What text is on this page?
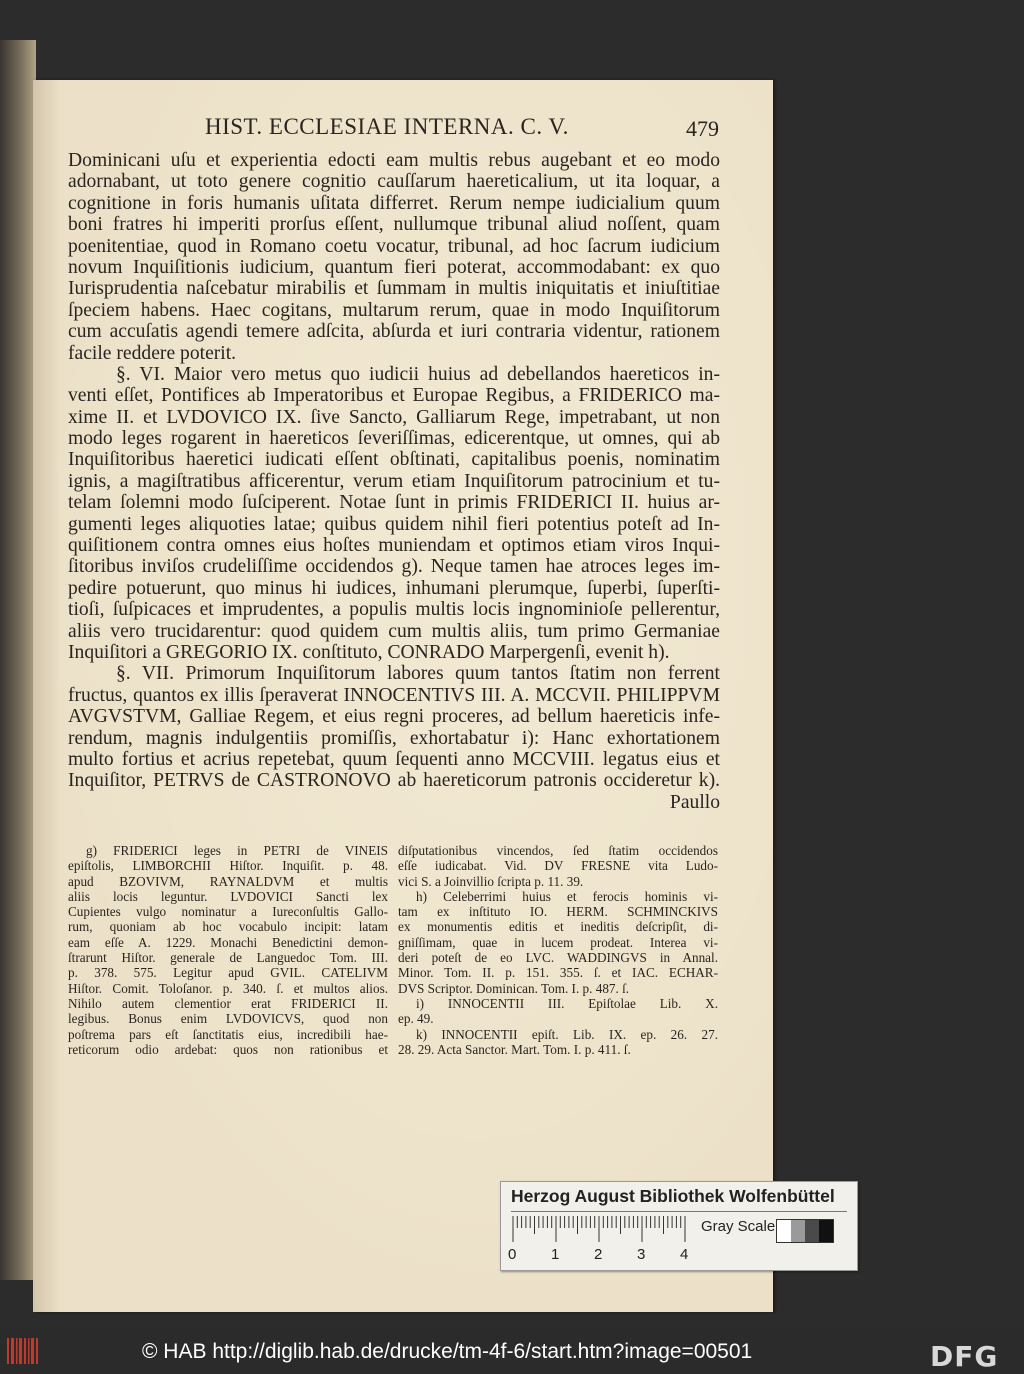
HIST. ECCLESIAE INTERNA. C. V.	479
Dominicani uſu et experientia edocti eam multis rebus augebant et eo modo
adornabant, ut toto genere cognitio cauſſarum haereticalium, ut ita loquar, a
cognitione in foris humanis uſitata differret. Rerum nempe iudicialium quum
boni fratres hi imperiti prorſus eſſent, nullumque tribunal aliud noſſent, quam
poenitentiae, quod in Romano coetu vocatur, tribunal, ad hoc ſacrum iudicium
novum Inquiſitionis iudicium, quantum fieri poterat, accommodabant: ex quo
Iurisprudentia naſcebatur mirabilis et ſummam in multis iniquitatis et iniuſtitiae
ſpeciem habens. Haec cogitans, multarum rerum, quae in modo Inquiſitorum
cum accuſatis agendi temere adſcita, abſurda et iuri contraria videntur, rationem
facile reddere poterit.
§. VI. Maior vero metus quo iudicii huius ad debellandos haereticos in-
venti eſſet, Pontifices ab Imperatoribus et Europae Regibus, a FRIDERICO ma-
xime II. et LVDOVICO IX. ſive Sancto, Galliarum Rege, impetrabant, ut non
modo leges rogarent in haereticos ſeveriſſimas, edicerentque, ut omnes, qui ab
Inquiſitoribus haeretici iudicati eſſent obſtinati, capitalibus poenis, nominatim
ignis, a magiſtratibus afficerentur, verum etiam Inquiſitorum patrocinium et tu-
telam ſolemni modo ſuſciperent. Notae ſunt in primis FRIDERICI II. huius ar-
gumenti leges aliquoties latae; quibus quidem nihil fieri potentius poteſt ad In-
quiſitionem contra omnes eius hoſtes muniendam et optimos etiam viros Inqui-
ſitoribus inviſos crudeliſſime occidendos g). Neque tamen hae atroces leges im-
pedire potuerunt, quo minus hi iudices, inhumani plerumque, ſuperbi, ſuperſti-
tioſi, ſuſpicaces et imprudentes, a populis multis locis ingnominioſe pellerentur,
aliis vero trucidarentur: quod quidem cum multis aliis, tum primo Germaniae
Inquiſitori a GREGORIO IX. conſtituto, CONRADO Marpergenſi, evenit h).
§. VII. Primorum Inquiſitorum labores quum tantos ſtatim non ferrent
fructus, quantos ex illis ſperaverat INNOCENTIVS III. A. MCCVII. PHILIPPVM
AVGVSTVM, Galliae Regem, et eius regni proceres, ad bellum haereticis infe-
rendum, magnis indulgentiis promiſſis, exhortabatur i): Hanc exhortationem
multo fortius et acrius repetebat, quum ſequenti anno MCCVIII. legatus eius et
Inquiſitor, PETRVS de CASTRONOVO ab haereticorum patronis occideretur k).
Paullo
g) FRIDERICI leges in PETRI de VINEIS
epiſtolis, LIMBORCHII Hiſtor. Inquiſit. p. 48.
apud BZOVIVM, RAYNALDVM et multis
aliis locis leguntur. LVDOVICI Sancti lex
Cupientes vulgo nominatur a Iureconſultis Gallo-
rum, quoniam ab hoc vocabulo incipit: latam
eam eſſe A. 1229. Monachi Benedictini demon-
ſtrarunt Hiſtor. generale de Languedoc Tom. III.
p. 378. 575. Legitur apud GVIL. CATELIVM
Hiſtor. Comit. Toloſanor. p. 340. ſ. et multos alios.
Nihilo autem clementior erat FRIDERICI II.
legibus. Bonus enim LVDOVICVS, quod non
poſtrema pars eſt ſanctitatis eius, incredibili hae-
reticorum odio ardebat: quos non rationibus et
diſputationibus vincendos, ſed ſtatim occidendos
eſſe iudicabat. Vid. DV FRESNE vita Ludo-
vici S. a Joinvillio ſcripta p. 11. 39.
h) Celeberrimi huius et ferocis hominis vi-
tam ex inſtituto IO. HERM. SCHMINCKIVS
ex monumentis editis et ineditis deſcripſit, di-
gniſſimam, quae in lucem prodeat. Interea vi-
deri poteſt de eo LVC. WADDINGVS in Annal.
Minor. Tom. II. p. 151. 355. ſ. et IAC. ECHAR-
DVS Scriptor. Dominican. Tom. I. p. 487. ſ.
i) INNOCENTII III. Epiſtolae Lib. X.
ep. 49.
k) INNOCENTII epiſt. Lib. IX. ep. 26. 27.
28. 29. Acta Sanctor. Mart. Tom. I. p. 411. ſ.
Herzog August Bibliothek Wolfenbüttel
Gray Scale
0 1 2 3 4
© HAB http://diglib.hab.de/drucke/tm-4f-6/start.htm?image=00501	DFG
